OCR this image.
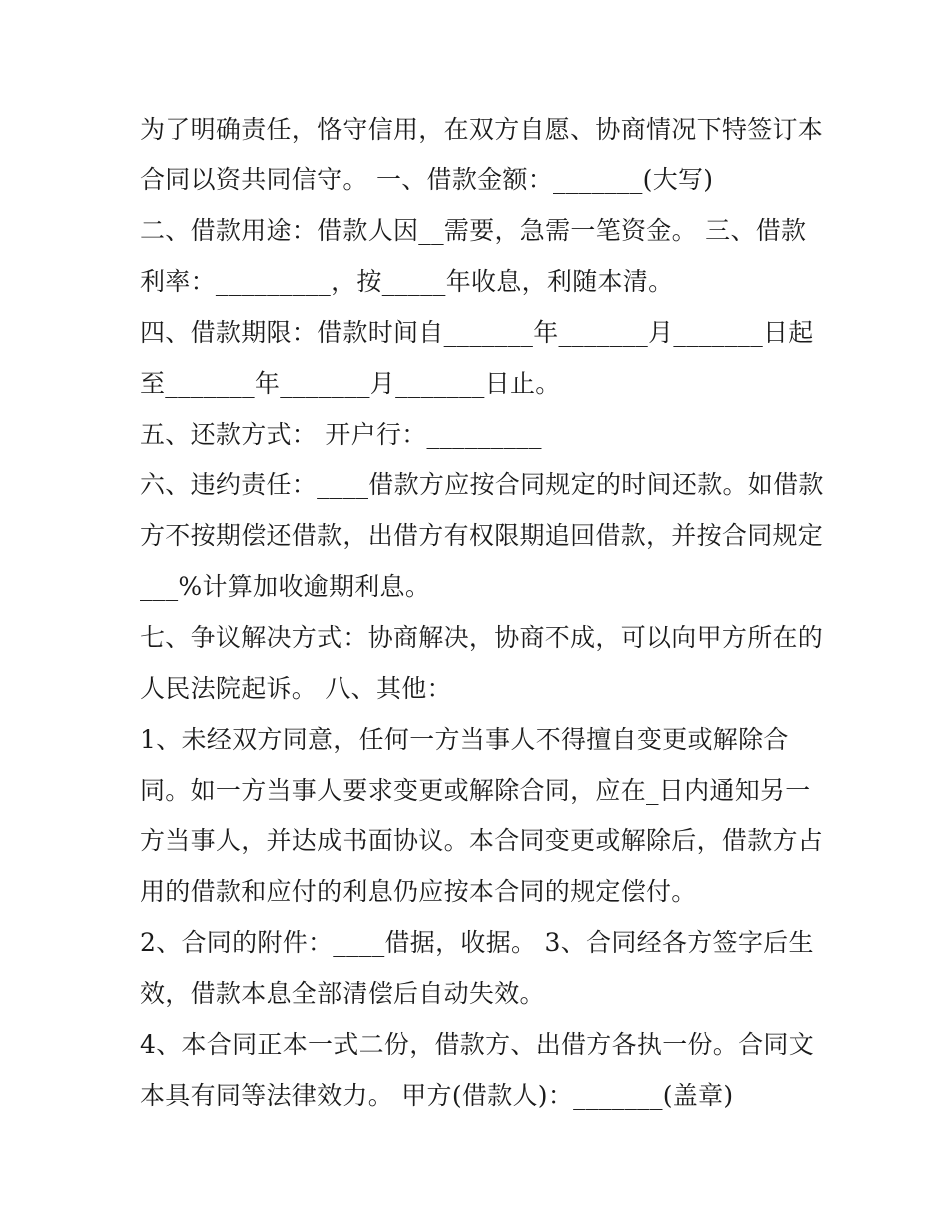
为了明确责任，恪守信用，在双方自愿、协商情况下特签订本
合同以资共同信守。 一、借款金额：_______(大写)
二、借款用途：借款人因__需要，急需一笔资金。 三、借款
利率：_________，按_____年收息，利随本清。
四、借款期限：借款时间自_______年_______月_______日起
至_______年_______月_______日止。
五、还款方式： 开户行：_________
六、违约责任：____借款方应按合同规定的时间还款。如借款
方不按期偿还借款，出借方有权限期追回借款，并按合同规定
___%计算加收逾期利息。
七、争议解决方式：协商解决，协商不成，可以向甲方所在的
人民法院起诉。 八、其他：
1、未经双方同意，任何一方当事人不得擅自变更或解除合
同。如一方当事人要求变更或解除合同，应在_日内通知另一
方当事人，并达成书面协议。本合同变更或解除后，借款方占
用的借款和应付的利息仍应按本合同的规定偿付。
2、合同的附件：____借据，收据。 3、合同经各方签字后生
效，借款本息全部清偿后自动失效。
4、本合同正本一式二份，借款方、出借方各执一份。合同文
本具有同等法律效力。 甲方(借款人)：_______(盖章)
